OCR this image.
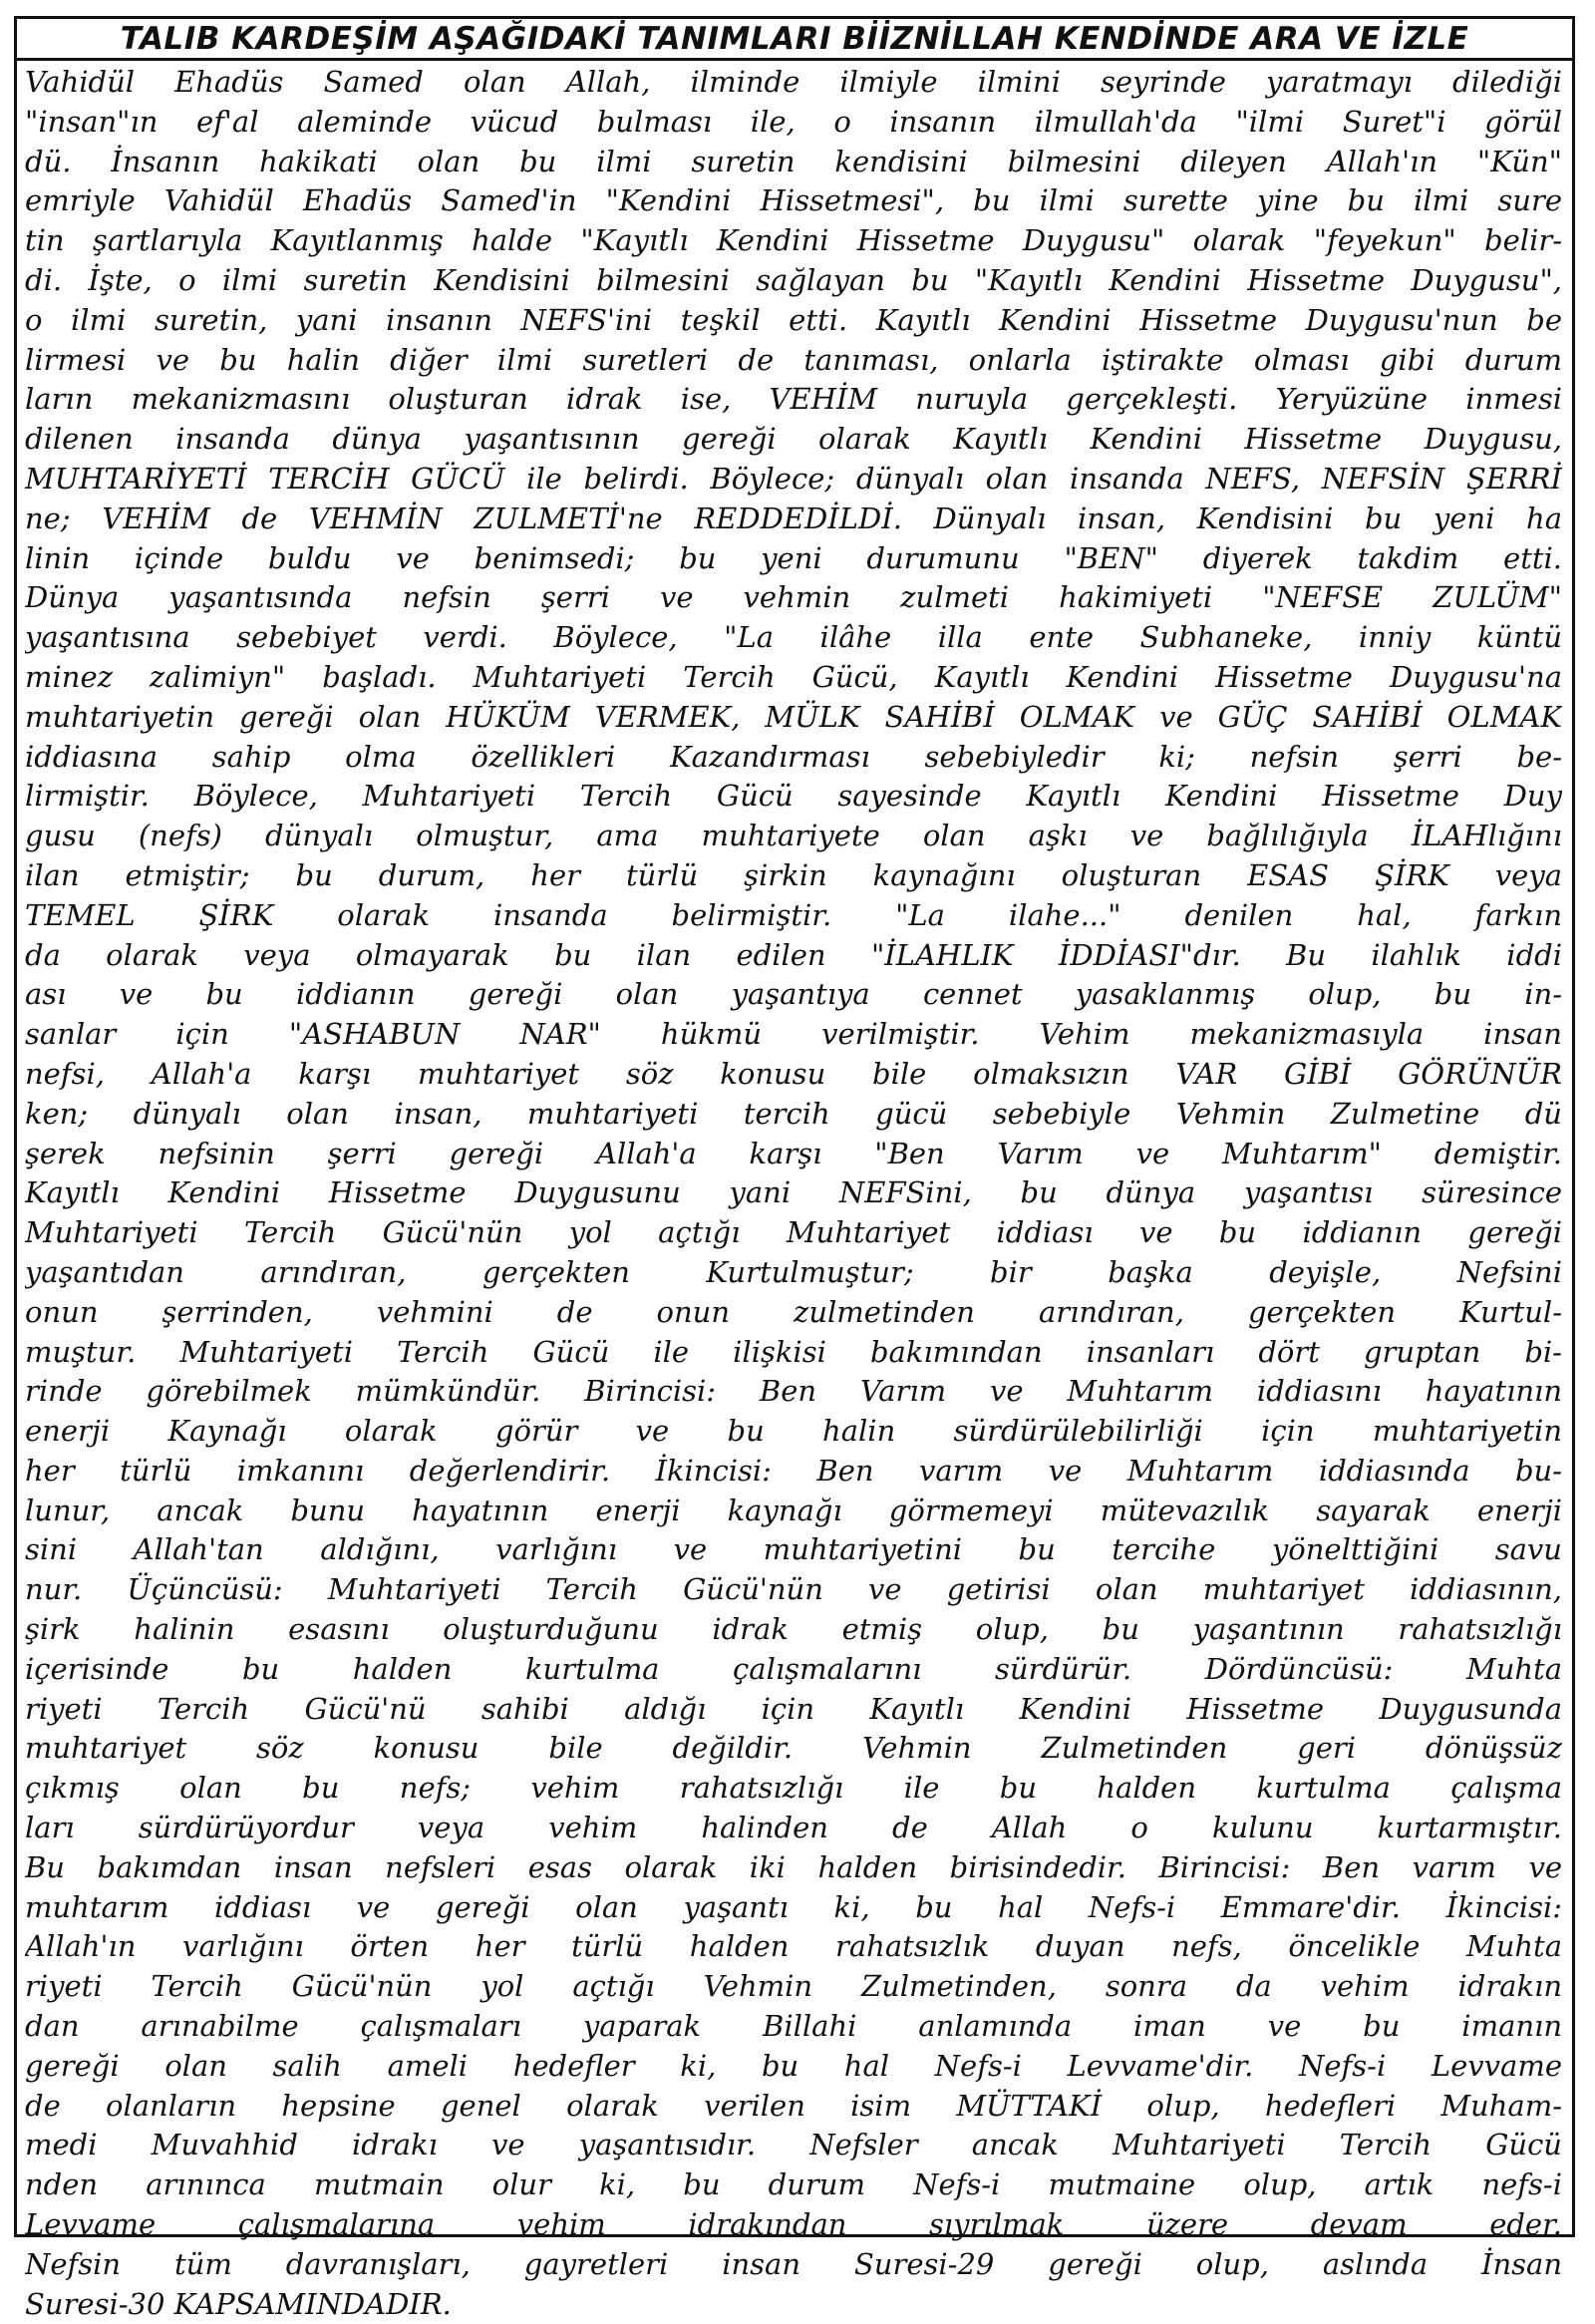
TALIB KARDEŞİM AŞAĞIDAKİ TANIMLARI BİİZNİLLAH KENDİNDE ARA VE İZLE
Vahidül Ehadüs Samed olan Allah, ilminde ilmiyle ilmini seyrinde yaratmayı dilediği
"insan"ın ef'al aleminde vücud bulması ile, o insanın ilmullah'da "ilmi Suret"i görül
dü. İnsanın hakikati olan bu ilmi suretin kendisini bilmesini dileyen Allah'ın "Kün"
emriyle Vahidül Ehadüs Samed'in "Kendini Hissetmesi", bu ilmi surette yine bu ilmi sure
tin şartlarıyla Kayıtlanmış halde "Kayıtlı Kendini Hissetme Duygusu" olarak "feyekun" belir-
di. İşte, o ilmi suretin Kendisini bilmesini sağlayan bu "Kayıtlı Kendini Hissetme Duygusu",
o ilmi suretin, yani insanın NEFS'ini teşkil etti. Kayıtlı Kendini Hissetme Duygusu'nun be
lirmesi ve bu halin diğer ilmi suretleri de tanıması, onlarla iştirakte olması gibi durum
ların mekanizmasını oluşturan idrak ise, VEHİM nuruyla gerçekleşti. Yeryüzüne inmesi
dilenen insanda dünya yaşantısının gereği olarak Kayıtlı Kendini Hissetme Duygusu,
MUHTARİYETİ TERCİH GÜCÜ ile belirdi. Böylece; dünyalı olan insanda NEFS, NEFSİN ŞERRİ
ne; VEHİM de VEHMİN ZULMETİ'ne REDDEDİLDİ. Dünyalı insan, Kendisini bu yeni ha
linin içinde buldu ve benimsedi; bu yeni durumunu "BEN" diyerek takdim etti.
Dünya yaşantısında nefsin şerri ve vehmin zulmeti hakimiyeti "NEFSE ZULÜM"
yaşantısına sebebiyet verdi. Böylece, "La ilâhe illa ente Subhaneke, inniy küntü
minez zalimiyn" başladı. Muhtariyeti Tercih Gücü, Kayıtlı Kendini Hissetme Duygusu'na
muhtariyetin gereği olan HÜKÜM VERMEK, MÜLK SAHİBİ OLMAK ve GÜÇ SAHİBİ OLMAK
iddiasına sahip olma özellikleri Kazandırması sebebiyledir ki; nefsin şerri be-
lirmiştir. Böylece, Muhtariyeti Tercih Gücü sayesinde Kayıtlı Kendini Hissetme Duy
gusu (nefs) dünyalı olmuştur, ama muhtariyete olan aşkı ve bağlılığıyla İLAHlığını
ilan etmiştir; bu durum, her türlü şirkin kaynağını oluşturan ESAS ŞİRK veya
TEMEL ŞİRK olarak insanda belirmiştir. "La ilahe..." denilen hal, farkın
da olarak veya olmayarak bu ilan edilen "İLAHLIK İDDİASI"dır. Bu ilahlık iddi
ası ve bu iddianın gereği olan yaşantıya cennet yasaklanmış olup, bu in-
sanlar için "ASHABUN NAR" hükmü verilmiştir. Vehim mekanizmasıyla insan
nefsi, Allah'a karşı muhtariyet söz konusu bile olmaksızın VAR GİBİ GÖRÜNÜR
ken; dünyalı olan insan, muhtariyeti tercih gücü sebebiyle Vehmin Zulmetine dü
şerek nefsinin şerri gereği Allah'a karşı "Ben Varım ve Muhtarım" demiştir.
Kayıtlı Kendini Hissetme Duygusunu yani NEFSini, bu dünya yaşantısı süresince
Muhtariyeti Tercih Gücü'nün yol açtığı Muhtariyet iddiası ve bu iddianın gereği
yaşantıdan arındıran, gerçekten Kurtulmuştur; bir başka deyişle, Nefsini
onun şerrinden, vehmini de onun zulmetinden arındıran, gerçekten Kurtul-
muştur. Muhtariyeti Tercih Gücü ile ilişkisi bakımından insanları dört gruptan bi-
rinde görebilmek mümkündür. Birincisi: Ben Varım ve Muhtarım iddiasını hayatının
enerji Kaynağı olarak görür ve bu halin sürdürülebilirliği için muhtariyetin
her türlü imkanını değerlendirir. İkincisi: Ben varım ve Muhtarım iddiasında bu-
lunur, ancak bunu hayatının enerji kaynağı görmemeyi mütevazılık sayarak enerji
sini Allah'tan aldığını, varlığını ve muhtariyetini bu tercihe yönelttiğini savu
nur. Üçüncüsü: Muhtariyeti Tercih Gücü'nün ve getirisi olan muhtariyet iddiasının,
şirk halinin esasını oluşturduğunu idrak etmiş olup, bu yaşantının rahatsızlığı
içerisinde bu halden kurtulma çalışmalarını sürdürür. Dördüncüsü: Muhta
riyeti Tercih Gücü'nü sahibi aldığı için Kayıtlı Kendini Hissetme Duygusunda
muhtariyet söz konusu bile değildir. Vehmin Zulmetinden geri dönüşsüz
çıkmış olan bu nefs; vehim rahatsızlığı ile bu halden kurtulma çalışma
ları sürdürüyordur veya vehim halinden de Allah o kulunu kurtarmıştır.
Bu bakımdan insan nefsleri esas olarak iki halden birisindedir. Birincisi: Ben varım ve
muhtarım iddiası ve gereği olan yaşantı ki, bu hal Nefs-i Emmare'dir. İkincisi:
Allah'ın varlığını örten her türlü halden rahatsızlık duyan nefs, öncelikle Muhta
riyeti Tercih Gücü'nün yol açtığı Vehmin Zulmetinden, sonra da vehim idrakın
dan arınabilme çalışmaları yaparak Billahi anlamında iman ve bu imanın
gereği olan salih ameli hedefler ki, bu hal Nefs-i Levvame'dir. Nefs-i Levvame
de olanların hepsine genel olarak verilen isim MÜTTAKİ olup, hedefleri Muham-
medi Muvahhid idrakı ve yaşantısıdır. Nefsler ancak Muhtariyeti Tercih Gücü
nden arınınca mutmain olur ki, bu durum Nefs-i mutmaine olup, artık nefs-i
Levvame çalışmalarına vehim idrakından sıyrılmak üzere devam eder.
Nefsin tüm davranışları, gayretleri insan Suresi-29 gereği olup, aslında İnsan
Suresi-30 KAPSAMINDADIR.
